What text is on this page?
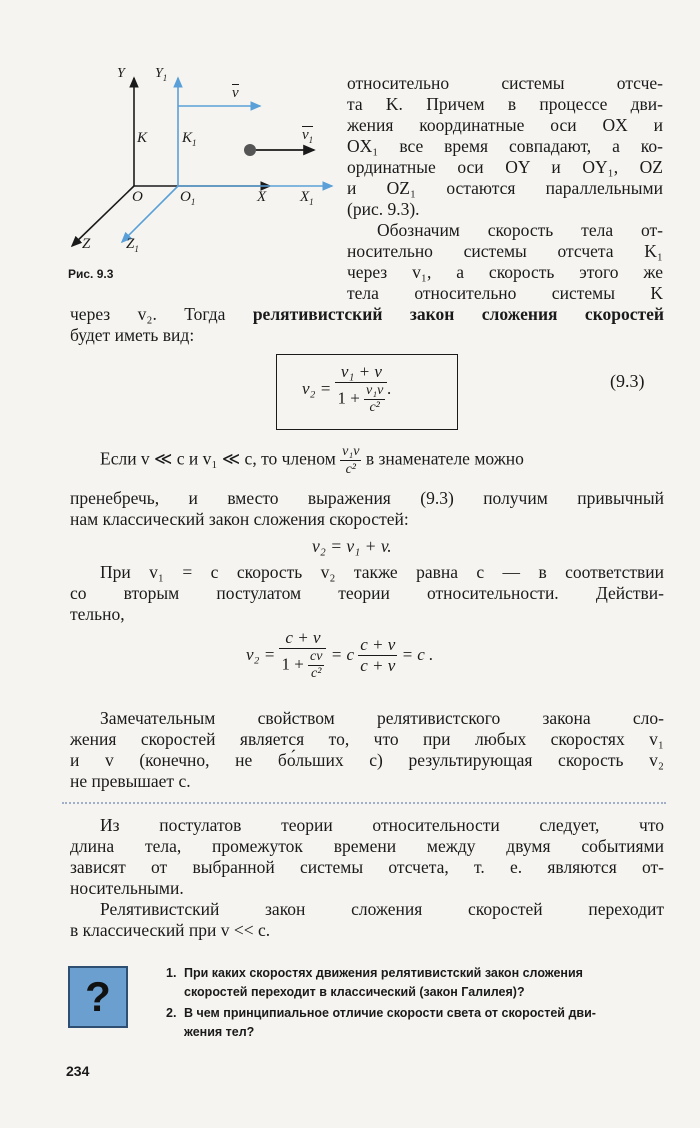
Y $Y_1$
v
$v_1$
K $K_1$
O $O_1$	X $X_1$
Z $Z_1$
Рис. 9.3
относительно системы отсче-
та K. Причем в процессе дви-
жения координатные оси OX и
OX₁ все время совпадают, а ко-
ординатные оси OY и OY₁, OZ
и OZ₁ остаются параллельными
(рис. 9.3).
Обозначим скорость тела от-
носительно системы отсчета K₁
через v₁, а скорость этого же
тела относительно системы K
через v₂. Тогда релятивистский закон сложения скоростей
будет иметь вид:
$v_2 = \frac{\text{v₁ + v}}{1 + \frac{\text{v₁v}}{\text{c²}}}$ .	(9.3)
Если v ≪ c и v₁ ≪ c, то членом $\frac{\text{v₁v}}{\text{c²}}$ в знаменателе можно
пренебречь, и вместо выражения (9.3) получим привычный
нам классический закон сложения скоростей:
v₂ = v₁ + v.
При v₁ = c скорость v₂ также равна c — в соответствии
со вторым постулатом теории относительности. Действи-
тельно,
$v_2 = \frac{c + v}{1 + \frac{cv}{\text{c²}}} = c \frac{c + v}{c + v} = c$ .
Замечательным свойством релятивистского закона сло-
жения скоростей является то, что при любых скоростях v₁
и v (конечно, не бо́льших c) результирующая скорость v₂
не превышает c.
Из постулатов теории относительности следует, что
длина тела, промежуток времени между двумя событиями
зависят от выбранной системы отсчета, т. е. являются от-
носительными.
Релятивистский закон сложения скоростей переходит
в классический при v << c.
?	1. При каких скоростях движения релятивистский закон сложения
скоростей переходит в классический (закон Галилея)?
2. В чем принципиальное отличие скорости света от скоростей дви-
жения тел?
234
